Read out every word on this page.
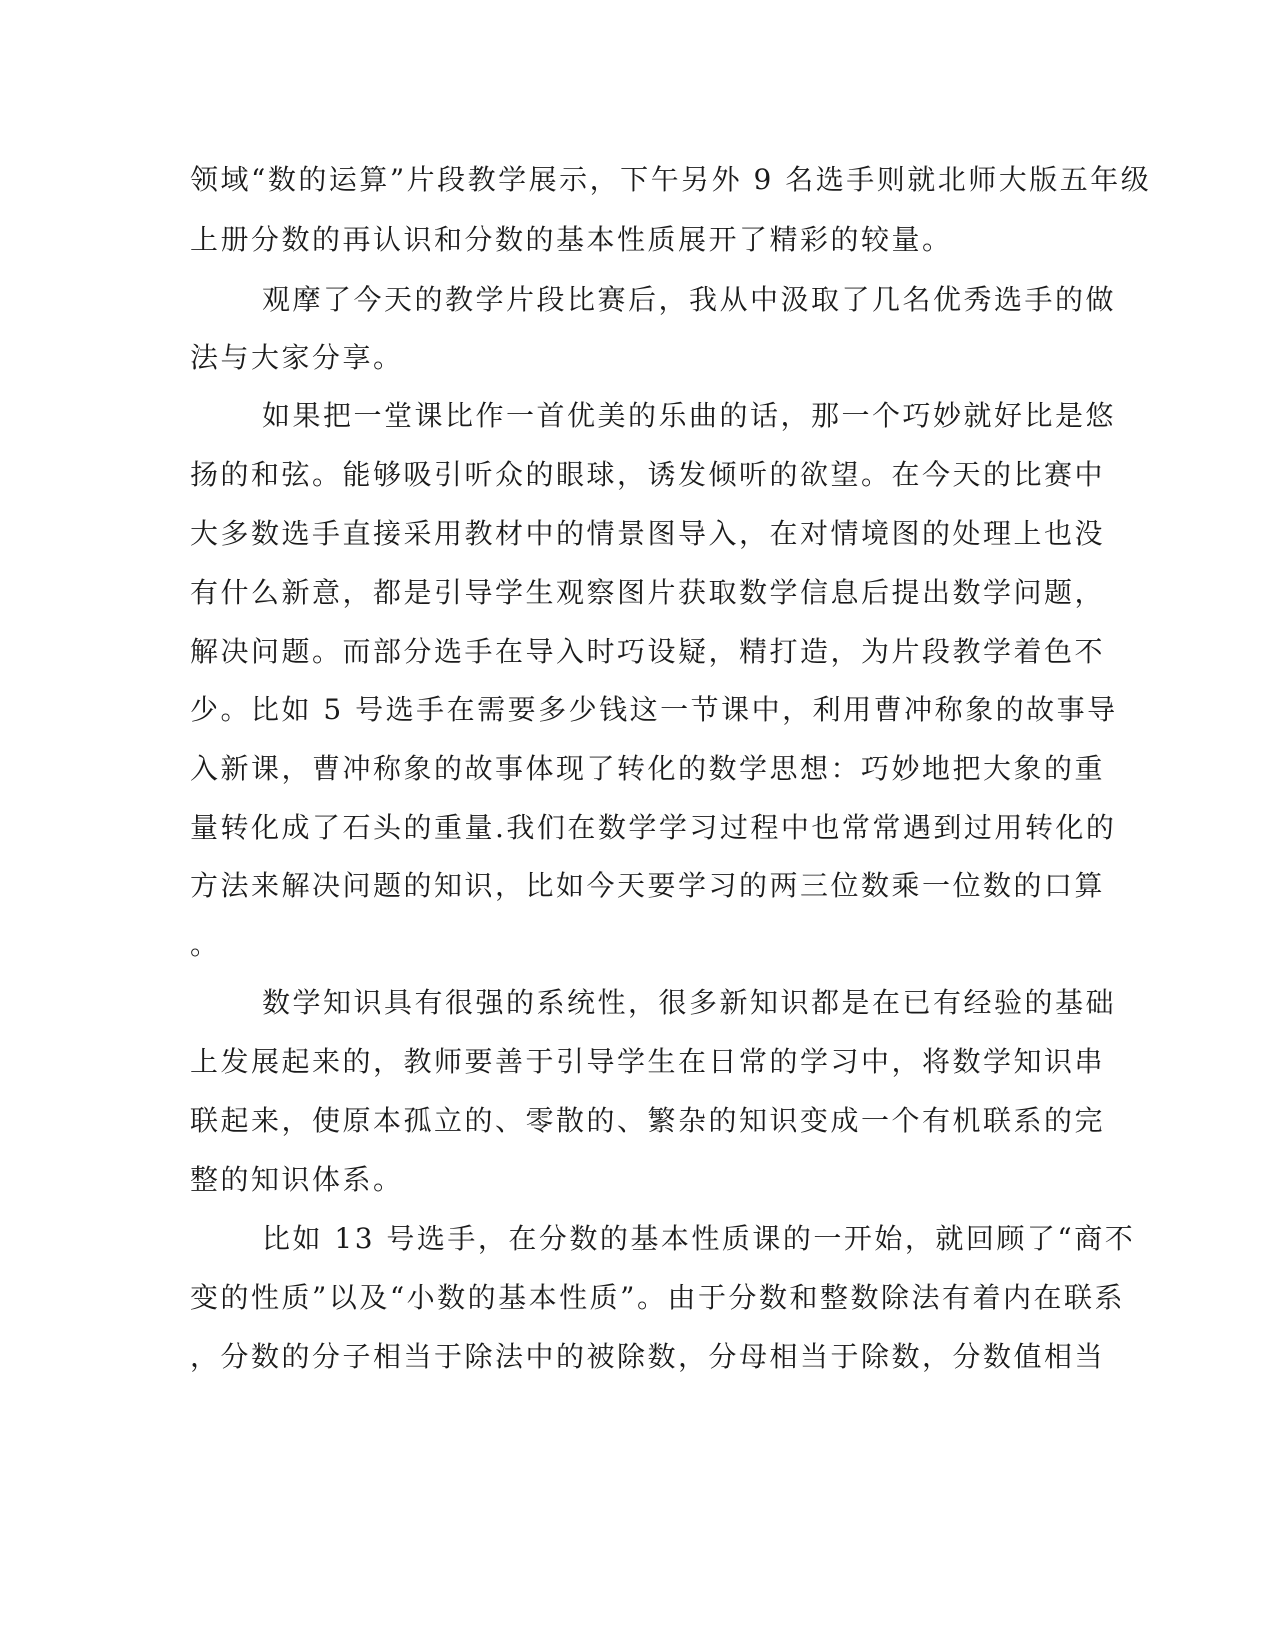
领域“数的运算”片段教学展示，下午另外 9 名选手则就北师大版五年级
上册分数的再认识和分数的基本性质展开了精彩的较量。
观摩了今天的教学片段比赛后，我从中汲取了几名优秀选手的做
法与大家分享。
如果把一堂课比作一首优美的乐曲的话，那一个巧妙就好比是悠
扬的和弦。能够吸引听众的眼球，诱发倾听的欲望。在今天的比赛中
大多数选手直接采用教材中的情景图导入，在对情境图的处理上也没
有什么新意，都是引导学生观察图片获取数学信息后提出数学问题，
解决问题。而部分选手在导入时巧设疑，精打造，为片段教学着色不
少。比如 5 号选手在需要多少钱这一节课中，利用曹冲称象的故事导
入新课，曹冲称象的故事体现了转化的数学思想：巧妙地把大象的重
量转化成了石头的重量.我们在数学学习过程中也常常遇到过用转化的
方法来解决问题的知识，比如今天要学习的两三位数乘一位数的口算
。
数学知识具有很强的系统性，很多新知识都是在已有经验的基础
上发展起来的，教师要善于引导学生在日常的学习中，将数学知识串
联起来，使原本孤立的、零散的、繁杂的知识变成一个有机联系的完
整的知识体系。
比如 13 号选手，在分数的基本性质课的一开始，就回顾了“商不
变的性质”以及“小数的基本性质”。由于分数和整数除法有着内在联系
，分数的分子相当于除法中的被除数，分母相当于除数，分数值相当
